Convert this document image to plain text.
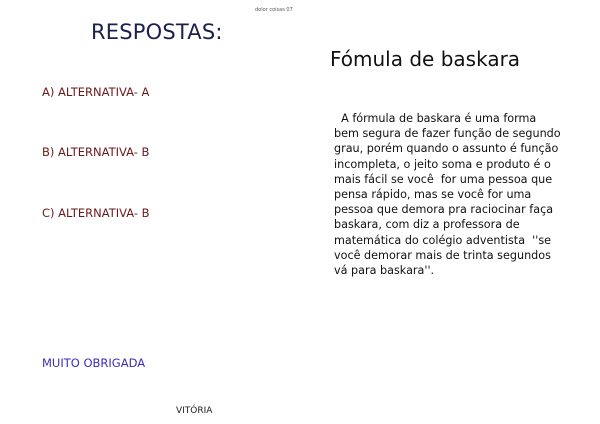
dolor coisas 07
RESPOSTAS:
A) ALTERNATIVA- A
B) ALTERNATIVA- B
C) ALTERNATIVA- B
MUITO OBRIGADA
VITÓRIA
Fómula de baskara

A fórmula de baskara é uma forma bem segura de fazer função de segundo grau, porém quando o assunto é função incompleta, o jeito soma e produto é o mais fácil se você  for uma pessoa que pensa rápido, mas se você for uma pessoa que demora pra raciocinar faça baskara, com diz a professora de matemática do colégio adventista  ''se você demorar mais de trinta segundos vá para baskara''.
